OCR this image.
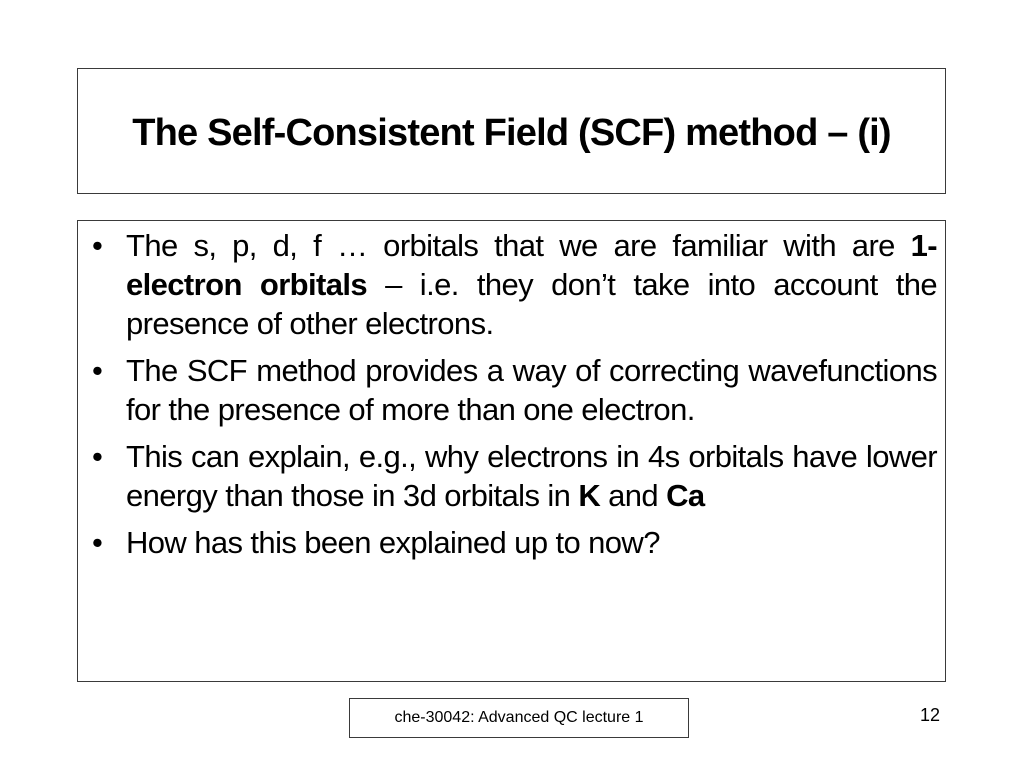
The Self-Consistent Field (SCF) method – (i)
• The s, p, d, f … orbitals that we are familiar with are 1-electron orbitals – i.e. they don’t take into account the presence of other electrons.
• The SCF method provides a way of correcting wavefunctions for the presence of more than one electron.
• This can explain, e.g., why electrons in 4s orbitals have lower energy than those in 3d orbitals in K and Ca
• How has this been explained up to now?
che-30042: Advanced QC lecture 1	12
